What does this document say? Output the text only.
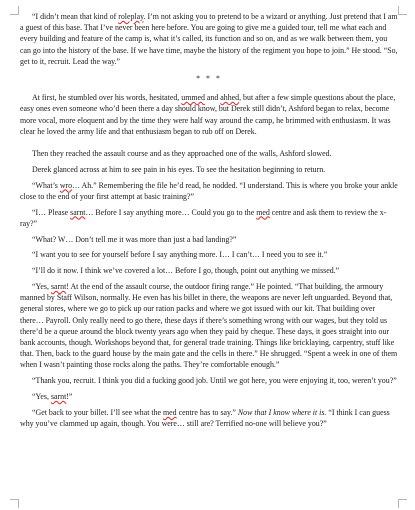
“I didn’t mean that kind of roleplay. I’m not asking you to pretend to be a wizard or anything. Just pretend that I am a guest of this base. That I’ve never been here before. You are going to give me a guided tour, tell me what each and every building and feature of the camp is, what it’s called, its function and so on, and as we walk between them, you can go into the history of the base. If we have time, maybe the history of the regiment you hope to join.” He stood. “So, get to it, recruit. Lead the way.”

* * *

At first, he stumbled over his words, hesitated, ummed and ahhed, but after a few simple questions about the place, easy ones even someone who’d been there a day should know, but Derek still didn’t, Ashford began to relax, become more vocal, more eloquent and by the time they were half way around the camp, he brimmed with enthusiasm. It was clear he loved the army life and that enthusiasm began to rub off on Derek.

Then they reached the assault course and as they approached one of the walls, Ashford slowed.

Derek glanced across at him to see pain in his eyes. To see the hesitation beginning to return.

“What’s wro… Ah.” Remembering the file he’d read, he nodded. “I understand. This is where you broke your ankle close to the end of your first attempt at basic training?”

“I… Please sarnt… Before I say anything more… Could you go to the med centre and ask them to review the x-ray?”

“What? W… Don’t tell me it was more than just a bad landing?”

“I want you to see for yourself before I say anything more. I… I can’t… I need you to see it.”

“I’ll do it now. I think we’ve covered a lot… Before I go, though, point out anything we missed.”

“Yes, sarnt! At the end of the assault course, the outdoor firing range.” He pointed. “That building, the armoury manned by Staff Wilson, normally. He even has his billet in there, the weapons are never left unguarded. Beyond that, general stores, where we go to pick up our ration packs and where we got issued with our kit. That building over there… Payroll. Only really need to go there, these days if there’s something wrong with our wages, but they told us there’d be a queue around the block twenty years ago when they paid by cheque. These days, it goes straight into our bank accounts, though. Workshops beyond that, for general trade training. Things like bricklaying, carpentry, stuff like that. Then, back to the guard house by the main gate and the cells in there.” He shrugged. “Spent a week in one of them when I wasn’t painting those rocks along the paths. They’re comfortable enough.”

“Thank you, recruit. I think you did a fucking good job. Until we got here, you were enjoying it, too, weren’t you?”

“Yes, sarnt!”

“Get back to your billet. I’ll see what the med centre has to say.” Now that I know where it is. “I think I can guess why you’ve clammed up again, though. You were… still are? Terrified no-one will believe you?”
